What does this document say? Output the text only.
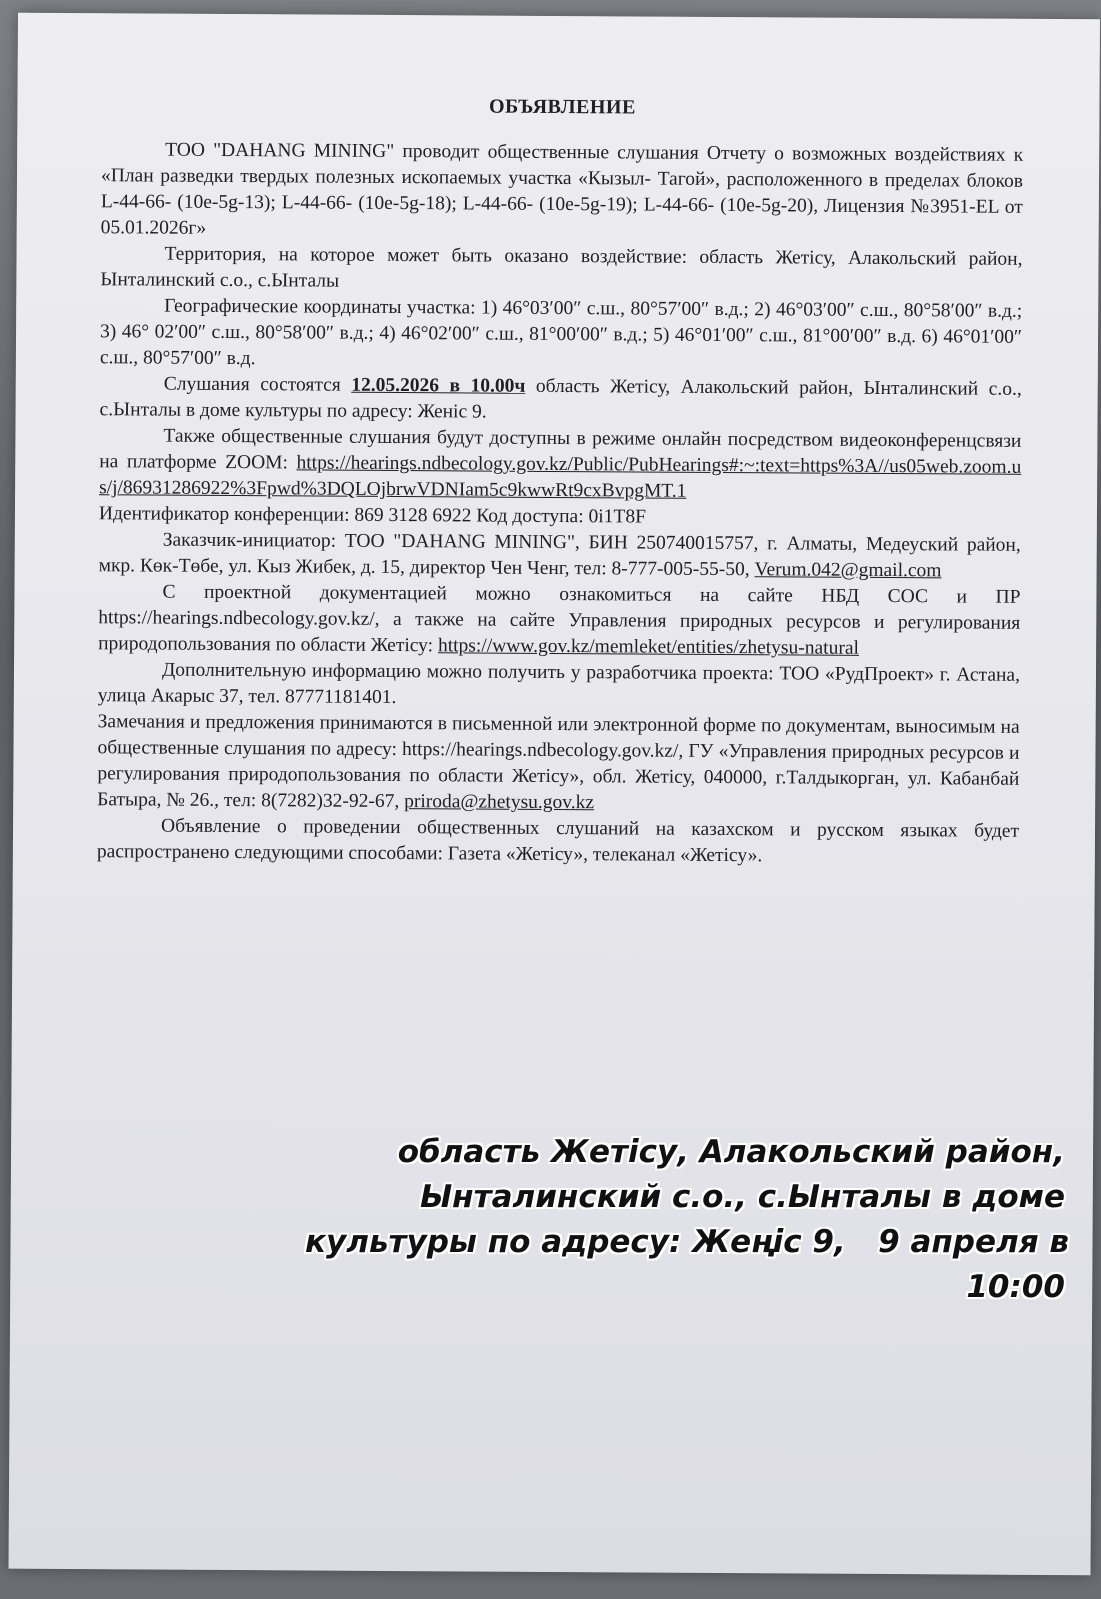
ОБЪЯВЛЕНИЕ

ТОО "DAHANG MINING" проводит общественные слушания Отчету о возможных воздействиях к «План разведки твердых полезных ископаемых участка «Кызыл- Тагой», расположенного в пределах блоков L-44-66- (10е-5g-13); L-44-66- (10е-5g-18); L-44-66- (10е-5g-19); L-44-66- (10е-5g-20), Лицензия №3951-EL от 05.01.2026г»

Территория, на которое может быть оказано воздействие: область Жетісу, Алакольский район, Ынталинский с.о., с.Ынталы

Географические координаты участка: 1) 46°03′00″ с.ш., 80°57′00″ в.д.; 2) 46°03′00″ с.ш., 80°58′00″ в.д.; 3) 46° 02′00″ с.ш., 80°58′00″ в.д.; 4) 46°02′00″ с.ш., 81°00′00″ в.д.; 5) 46°01′00″ с.ш., 81°00′00″ в.д. 6) 46°01′00″ с.ш., 80°57′00″ в.д.

Слушания состоятся 12.05.2026 в 10.00ч область Жетісу, Алакольский район, Ынталинский с.о., с.Ынталы в доме культуры по адресу: Женіс 9.

Также общественные слушания будут доступны в режиме онлайн посредством видеоконференцсвязи на платформе ZOOM: https://hearings.ndbecology.gov.kz/Public/PubHearings#:~:text=https%3A//us05web.zoom.us/j/86931286922%3Fpwd%3DQLOjbrwVDNIam5c9kwwRt9cxBvpgMT.1

Идентификатор конференции: 869 3128 6922 Код доступа: 0i1T8F

Заказчик-инициатор: ТОО "DAHANG MINING", БИН 250740015757, г. Алматы, Медеуский район, мкр. Көк-Төбе, ул. Кыз Жибек, д. 15, директор Чен Ченг, тел: 8-777-005-55-50, Verum.042@gmail.com

С проектной документацией можно ознакомиться на сайте НБД СОС и ПР https://hearings.ndbecology.gov.kz/, а также на сайте Управления природных ресурсов и регулирования природопользования по области Жетісу: https://www.gov.kz/memleket/entities/zhetysu-natural

Дополнительную информацию можно получить у разработчика проекта: ТОО «РудПроект» г. Астана, улица Акарыс 37, тел. 87771181401.

Замечания и предложения принимаются в письменной или электронной форме по документам, выносимым на общественные слушания по адресу: https://hearings.ndbecology.gov.kz/, ГУ «Управления природных ресурсов и регулирования природопользования по области Жетісу», обл. Жетісу, 040000, г.Талдыкорган, ул. Кабанбай Батыра, № 26., тел: 8(7282)32-92-67, priroda@zhetysu.gov.kz

Объявление о проведении общественных слушаний на казахском и русском языках будет распространено следующими способами: Газета «Жетісу», телеканал «Жетісу».

область Жетісу, Алакольский район,
Ынталинский с.о., с.Ынталы в доме
культуры по адресу: Жеңіс 9,   9 апреля в
10:00
